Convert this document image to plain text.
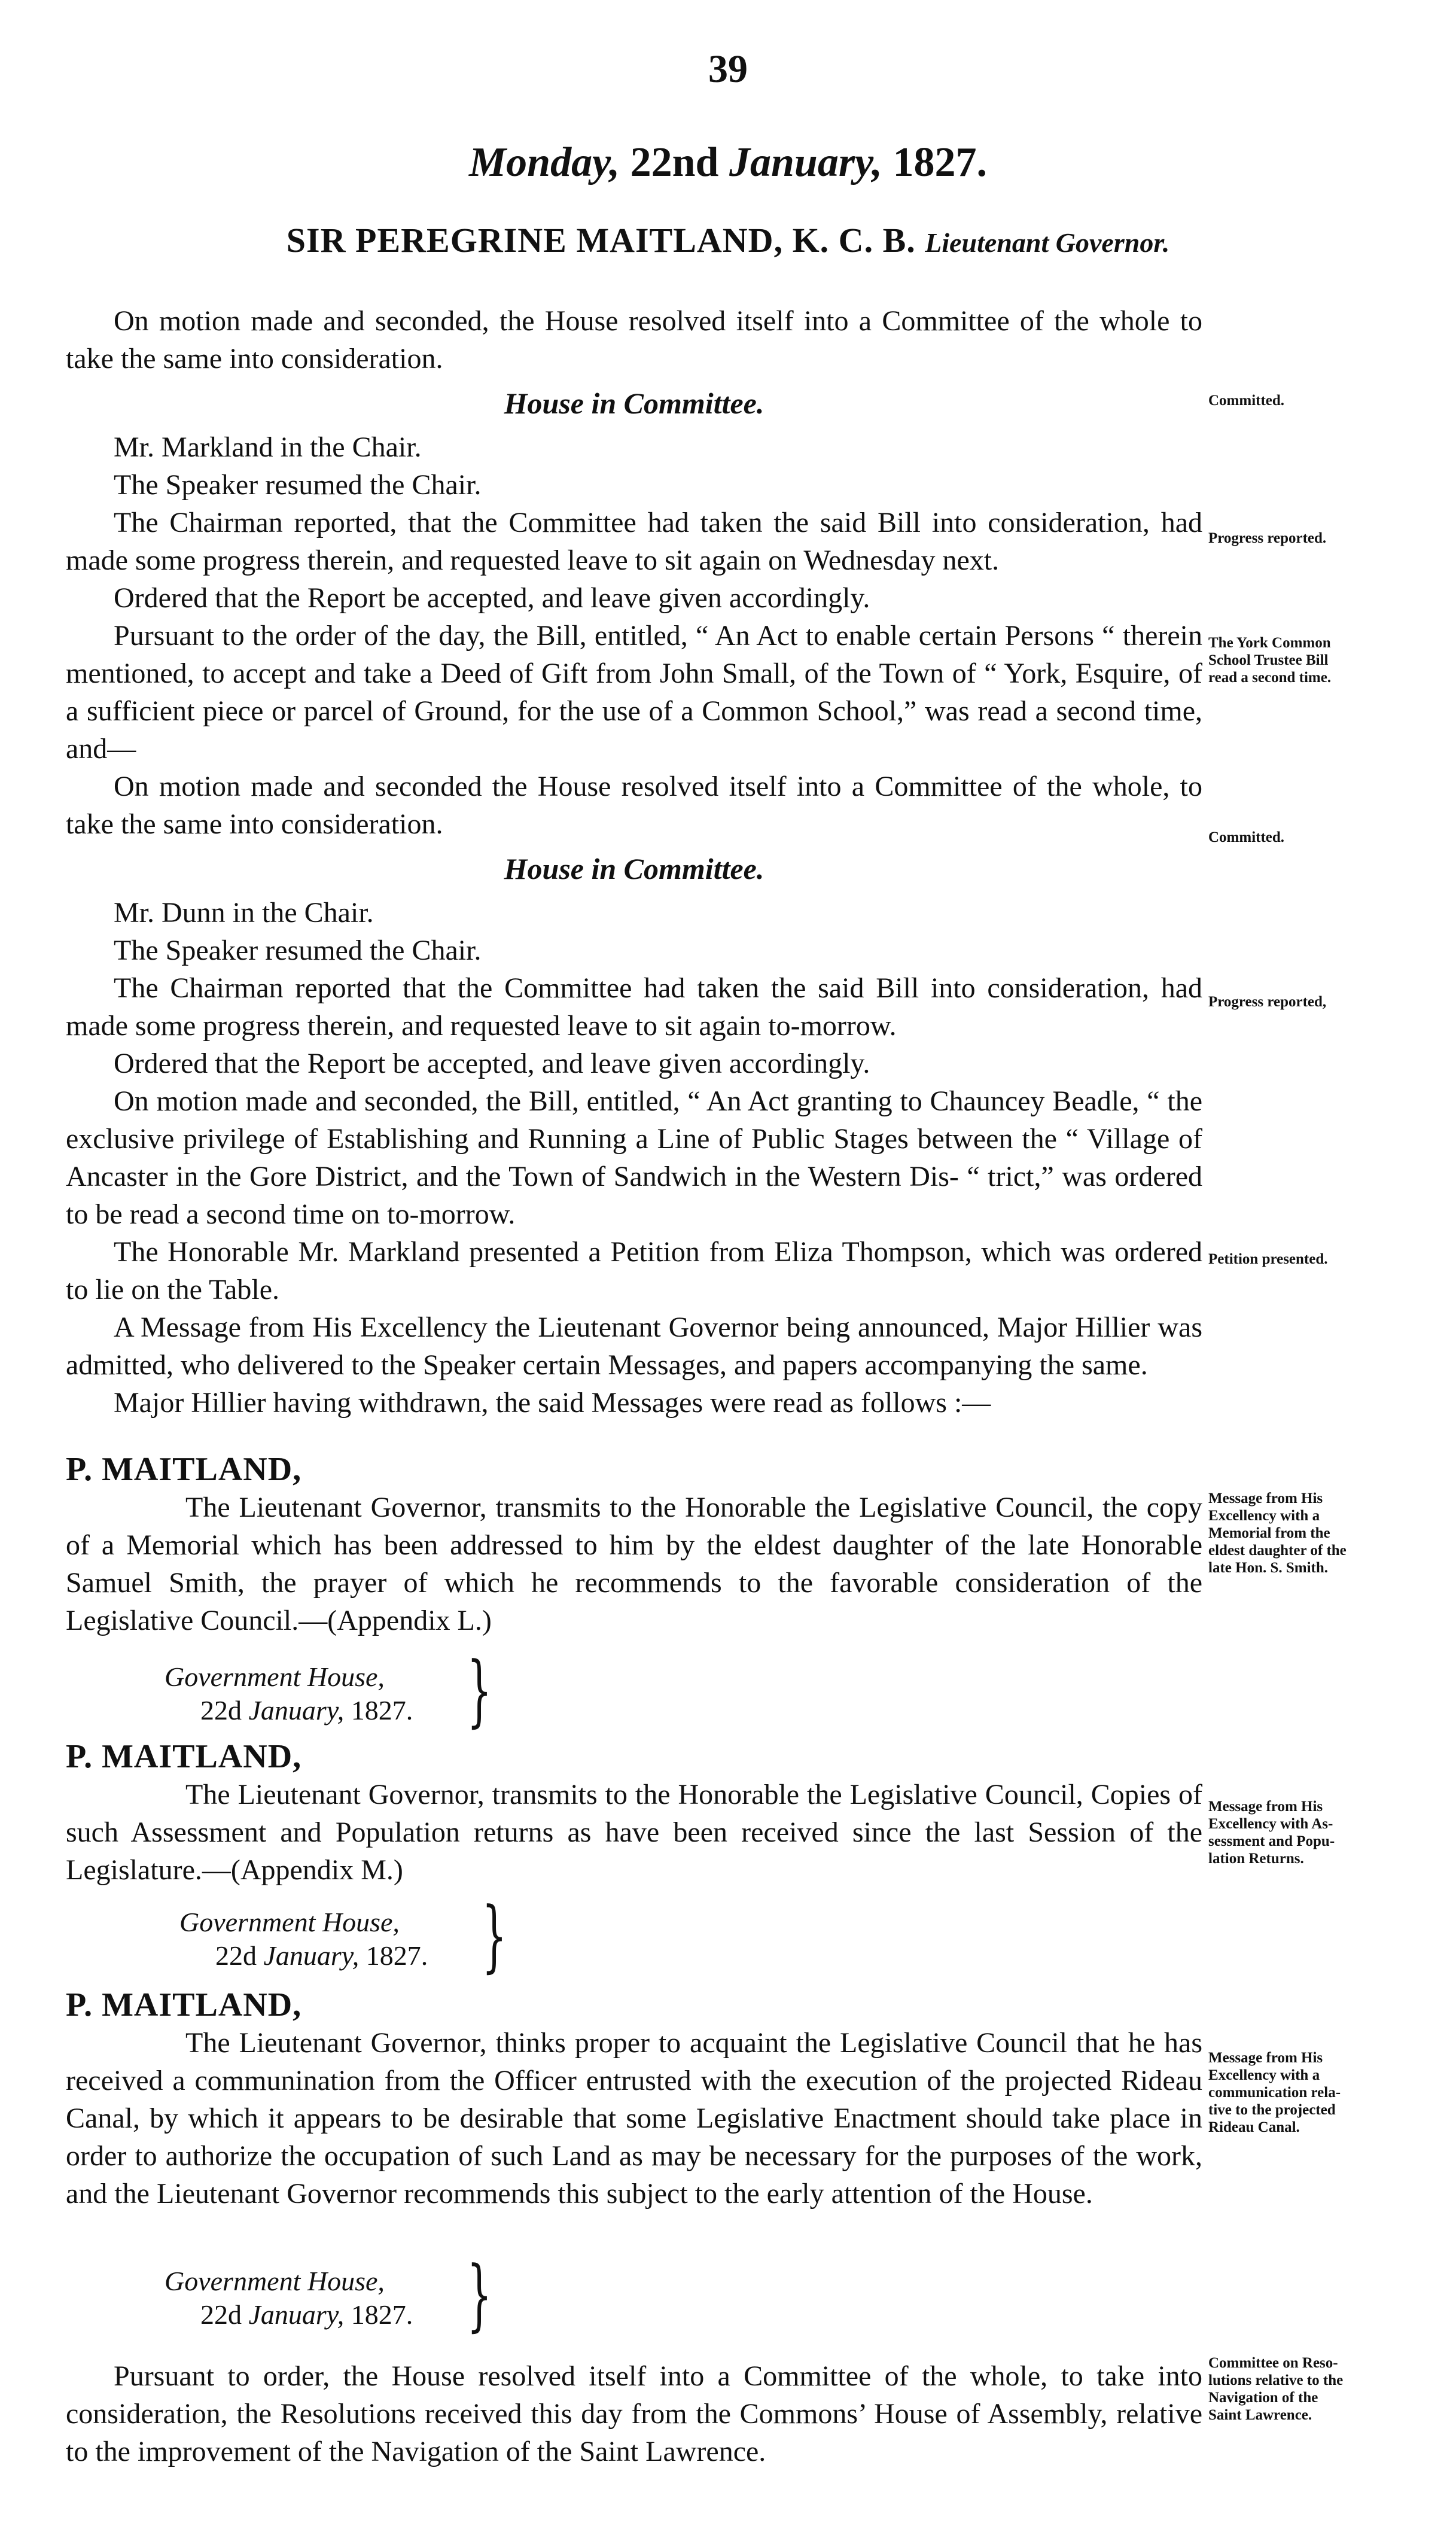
39
Monday, 22nd January, 1827.
SIR PEREGRINE MAITLAND, K. C. B. Lieutenant Governor.

On motion made and seconded, the House resolved itself into a Committee of the whole to take the same into consideration.

House in Committee.

Mr. Markland in the Chair.

The Speaker resumed the Chair.

The Chairman reported, that the Committee had taken the said Bill into consideration, had made some progress therein, and requested leave to sit again on Wednesday next.

Ordered that the Report be accepted, and leave given accordingly.

Pursuant to the order of the day, the Bill, entitled, “ An Act to enable certain Persons “ therein mentioned, to accept and take a Deed of Gift from John Small, of the Town of “ York, Esquire, of a sufficient piece or parcel of Ground, for the use of a Common School,” was read a second time, and—

On motion made and seconded the House resolved itself into a Committee of the whole, to take the same into consideration.

House in Committee.

Mr. Dunn in the Chair.

The Speaker resumed the Chair.

The Chairman reported that the Committee had taken the said Bill into consideration, had made some progress therein, and requested leave to sit again to-morrow.

Ordered that the Report be accepted, and leave given accordingly.

On motion made and seconded, the Bill, entitled, “ An Act granting to Chauncey Beadle, “ the exclusive privilege of Establishing and Running a Line of Public Stages between the “ Village of Ancaster in the Gore District, and the Town of Sandwich in the Western Dis- “ trict,” was ordered to be read a second time on to-morrow.

The Honorable Mr. Markland presented a Petition from Eliza Thompson, which was ordered to lie on the Table.

A Message from His Excellency the Lieutenant Governor being announced, Major Hillier was admitted, who delivered to the Speaker certain Messages, and papers accompanying the same.

Major Hillier having withdrawn, the said Messages were read as follows :—

P. MAITLAND,

The Lieutenant Governor, transmits to the Honorable the Legislative Council, the copy of a Memorial which has been addressed to him by the eldest daughter of the late Honorable Samuel Smith, the prayer of which he recommends to the favorable consideration of the Legislative Council.—(Appendix L.)

Government House,
22d January, 1827. }

P. MAITLAND,

The Lieutenant Governor, transmits to the Honorable the Legislative Council, Copies of such Assessment and Population returns as have been received since the last Session of the Legislature.—(Appendix M.)

Government House,
22d January, 1827. }

P. MAITLAND,

The Lieutenant Governor, thinks proper to acquaint the Legislative Council that he has received a communination from the Officer entrusted with the execution of the projected Rideau Canal, by which it appears to be desirable that some Legislative Enactment should take place in order to authorize the occupation of such Land as may be necessary for the purposes of the work, and the Lieutenant Governor recommends this subject to the early attention of the House.

Government House,
22d January, 1827. }

Pursuant to order, the House resolved itself into a Committee of the whole, to take into consideration, the Resolutions received this day from the Commons’ House of Assembly, relative to the improvement of the Navigation of the Saint Lawrence.

Committed.
Progress reported.
The York Common
School Trustee Bill
read a second time.
Committed.
Progress reported,
Petition presented.
Message from His
Excellency with a
Memorial from the
eldest daughter of the
late Hon. S. Smith.
Message from His
Excellency with As-
sessment and Popu-
lation Returns.
Message from His
Excellency with a
communication rela-
tive to the projected
Rideau Canal.
Committee on Reso-
lutions relative to the
Navigation of the
Saint Lawrence.
